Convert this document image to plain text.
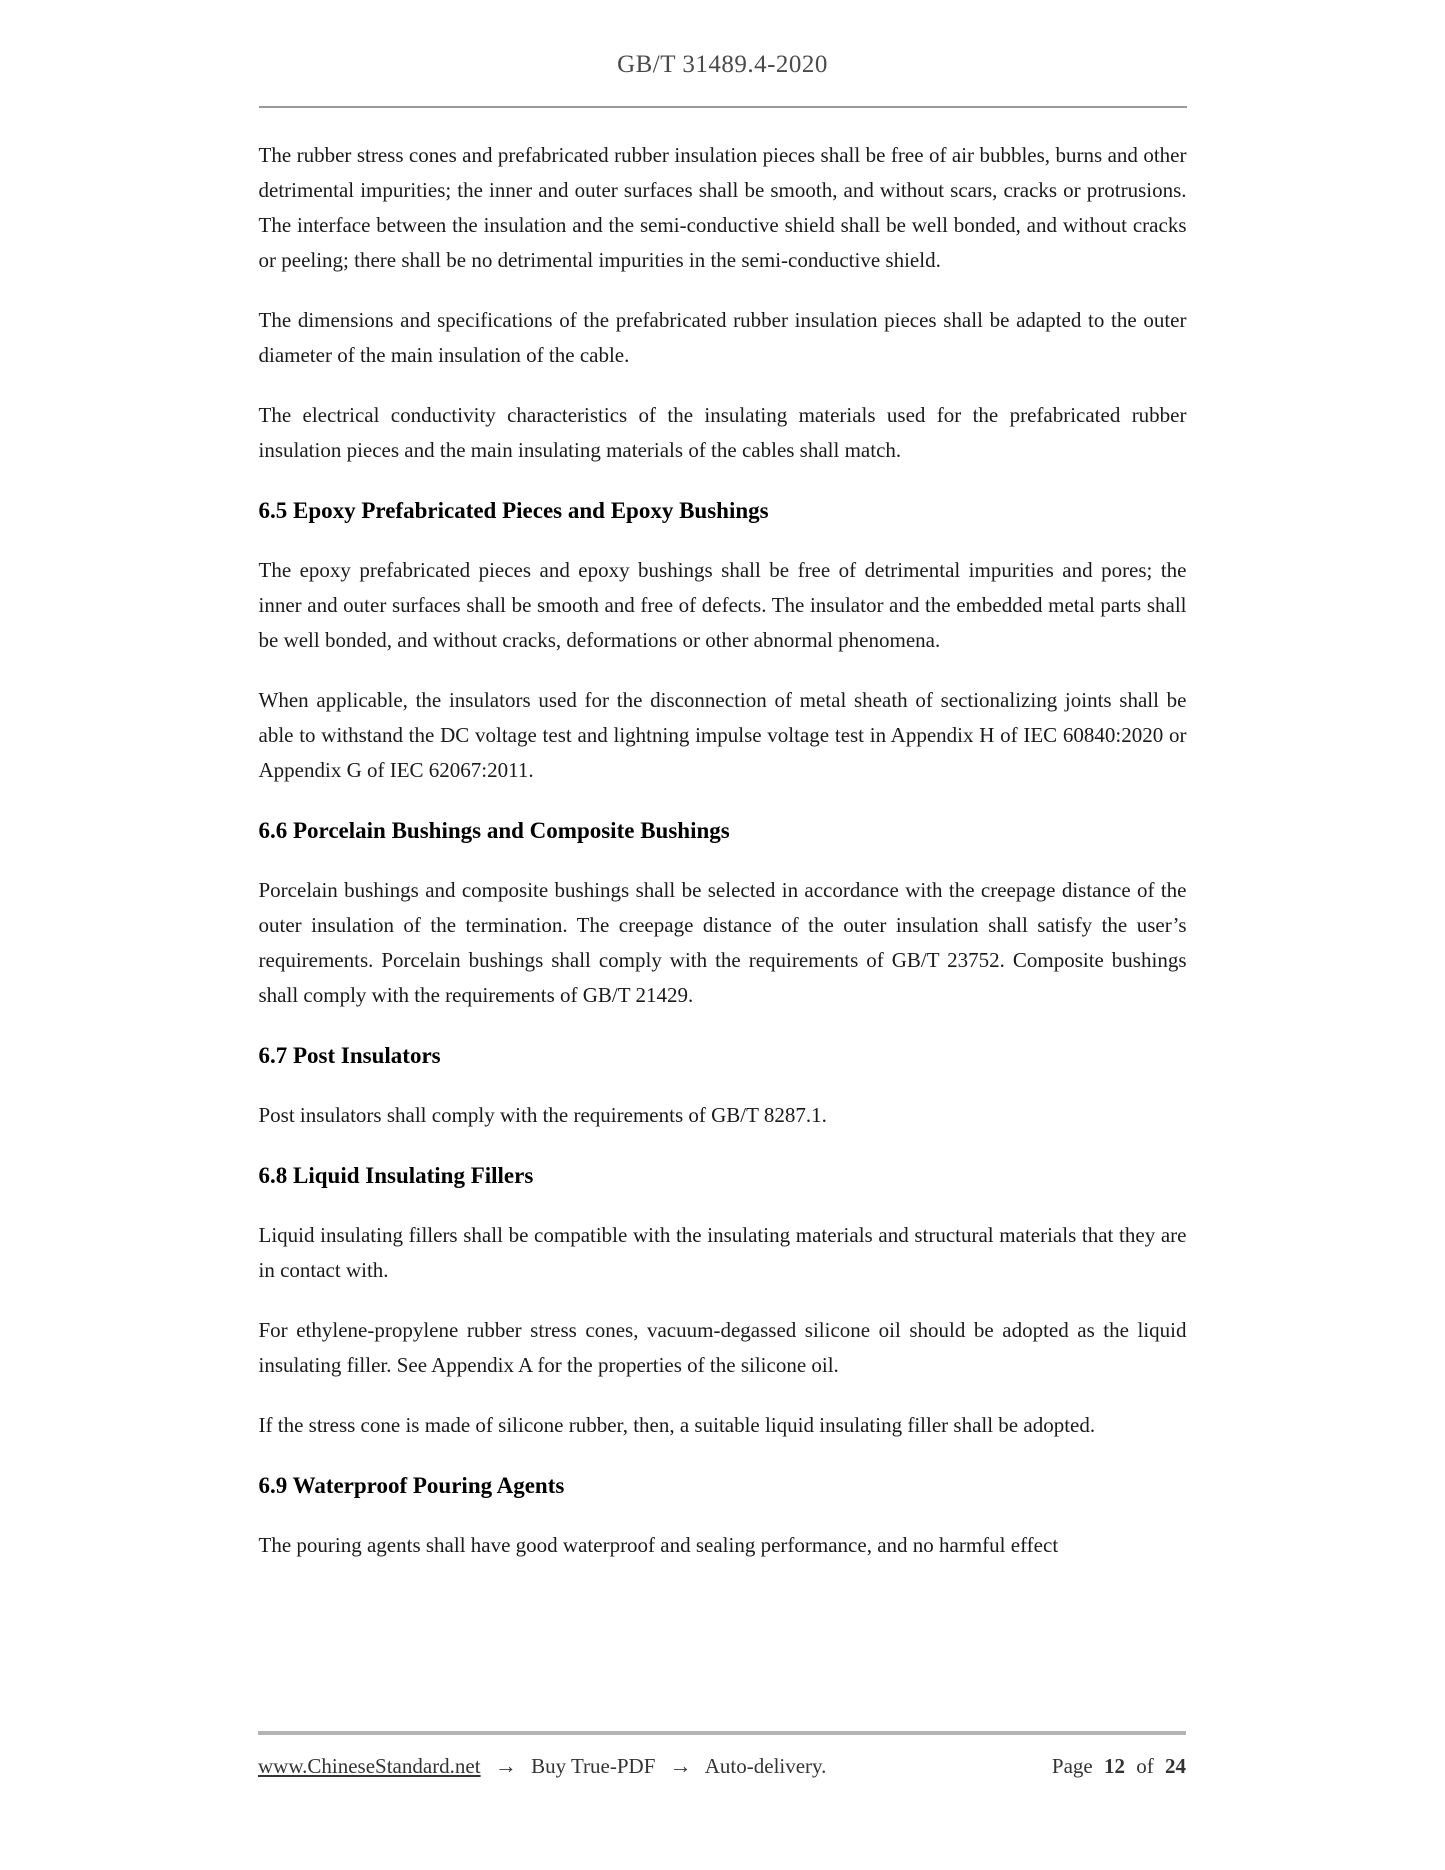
GB/T 31489.4-2020

The rubber stress cones and prefabricated rubber insulation pieces shall be free of air bubbles, burns and other detrimental impurities; the inner and outer surfaces shall be smooth, and without scars, cracks or protrusions. The interface between the insulation and the semi-conductive shield shall be well bonded, and without cracks or peeling; there shall be no detrimental impurities in the semi-conductive shield.

The dimensions and specifications of the prefabricated rubber insulation pieces shall be adapted to the outer diameter of the main insulation of the cable.

The electrical conductivity characteristics of the insulating materials used for the prefabricated rubber insulation pieces and the main insulating materials of the cables shall match.

6.5 Epoxy Prefabricated Pieces and Epoxy Bushings

The epoxy prefabricated pieces and epoxy bushings shall be free of detrimental impurities and pores; the inner and outer surfaces shall be smooth and free of defects. The insulator and the embedded metal parts shall be well bonded, and without cracks, deformations or other abnormal phenomena.

When applicable, the insulators used for the disconnection of metal sheath of sectionalizing joints shall be able to withstand the DC voltage test and lightning impulse voltage test in Appendix H of IEC 60840:2020 or Appendix G of IEC 62067:2011.

6.6 Porcelain Bushings and Composite Bushings

Porcelain bushings and composite bushings shall be selected in accordance with the creepage distance of the outer insulation of the termination. The creepage distance of the outer insulation shall satisfy the user’s requirements. Porcelain bushings shall comply with the requirements of GB/T 23752. Composite bushings shall comply with the requirements of GB/T 21429.

6.7 Post Insulators

Post insulators shall comply with the requirements of GB/T 8287.1.

6.8 Liquid Insulating Fillers

Liquid insulating fillers shall be compatible with the insulating materials and structural materials that they are in contact with.

For ethylene-propylene rubber stress cones, vacuum-degassed silicone oil should be adopted as the liquid insulating filler. See Appendix A for the properties of the silicone oil.

If the stress cone is made of silicone rubber, then, a suitable liquid insulating filler shall be adopted.

6.9 Waterproof Pouring Agents

The pouring agents shall have good waterproof and sealing performance, and no harmful effect

www.ChineseStandard.net → Buy True-PDF → Auto-delivery.	Page 12 of 24
